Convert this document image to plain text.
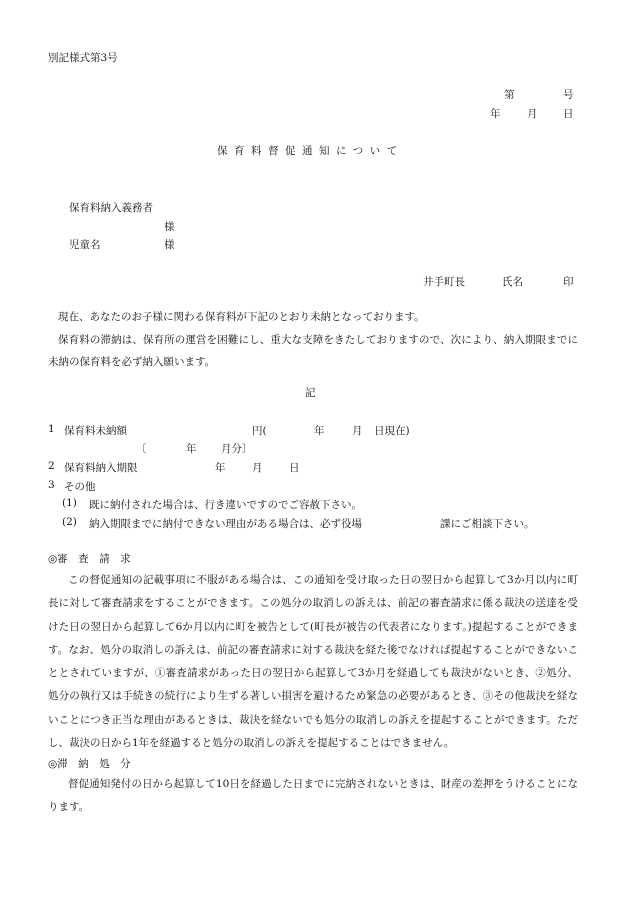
別記様式第3号
第	号
年	月 日
保育料督促通知について
保育料納入義務者
様
児童名	様
井手町長	氏名	印

現在、あなたのお子様に関わる保育料が下記のとおり未納となっております。

保育料の滞納は、保育所の運営を困難にし、重大な支障をきたしておりますので、次により、納入期限までに未納の保育料を必ず納入願います。

記
1 保育料未納額	円(	年	月 日現在)
〔	年 月分〕
2 保育料納入期限	年	月	日
3 その他
(1) 既に納付された場合は、行き違いですのでご容赦下さい。
(2) 納入期限までに納付できない理由がある場合は、必ず役場	課にご相談下さい。
◎審　査　請　求

この督促通知の記載事項に不服がある場合は、この通知を受け取った日の翌日から起算して3か月以内に町長に対して審査請求をすることができます。この処分の取消しの訴えは、前記の審査請求に係る裁決の送達を受けた日の翌日から起算して6か月以内に町を被告として(町長が被告の代表者になります。)提起することができます。なお、処分の取消しの訴えは、前記の審査請求に対する裁決を経た後でなければ提起することができないこととされていますが、①審査請求があった日の翌日から起算して3か月を経過しても裁決がないとき、②処分、処分の執行又は手続きの続行により生ずる著しい損害を避けるため緊急の必要があるとき、③その他裁決を経ないことにつき正当な理由があるときは、裁決を経ないでも処分の取消しの訴えを提起することができます。ただし、裁決の日から1年を経過すると処分の取消しの訴えを提起することはできません。

◎滞　納　処　分

督促通知発付の日から起算して10日を経過した日までに完納されないときは、財産の差押をうけることになります。
